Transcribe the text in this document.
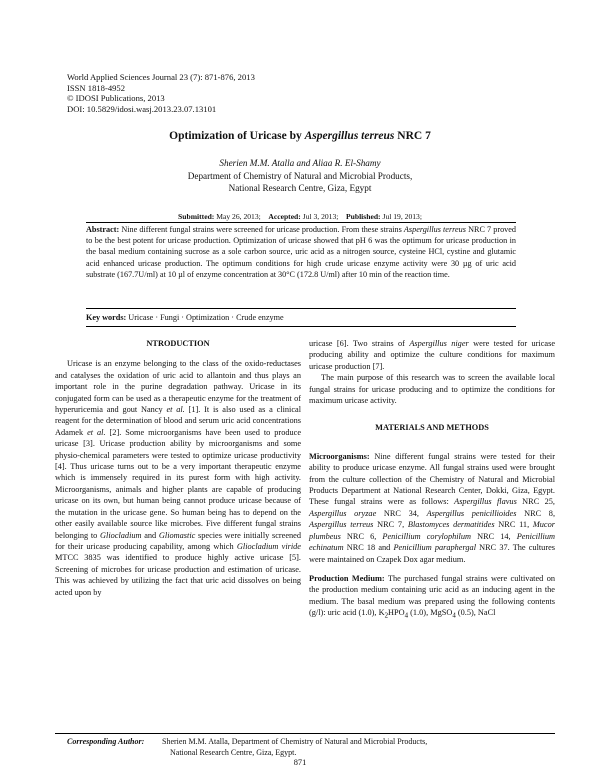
World Applied Sciences Journal 23 (7): 871-876, 2013
ISSN 1818-4952
© IDOSI Publications, 2013
DOI: 10.5829/idosi.wasj.2013.23.07.13101
Optimization of Uricase by Aspergillus terreus NRC 7
Sherien M.M. Atalla and Aliaa R. El-Shamy
Department of Chemistry of Natural and Microbial Products,
National Research Centre, Giza, Egypt
Submitted: May 26, 2013; Accepted: Jul 3, 2013; Published: Jul 19, 2013;
Abstract: Nine different fungal strains were screened for uricase production. From these strains Aspergillus terreus NRC 7 proved to be the best potent for uricase production. Optimization of uricase showed that pH 6 was the optimum for uricase production in the basal medium containing sucrose as a sole carbon source, uric acid as a nitrogen source, cysteine HCl, cystine and glutamic acid enhanced uricase production. The optimum conditions for high crude uricase enzyme activity were 30 µg of uric acid substrate (167.7U/ml) at 10 µl of enzyme concentration at 30°C (172.8 U/ml) after 10 min of the reaction time.
Key words: Uricase · Fungi · Optimization · Crude enzyme
NTRODUCTION

Uricase is an enzyme belonging to the class of the oxido-reductases and catalyses the oxidation of uric acid to allantoin and thus plays an important role in the purine degradation pathway. Uricase in its conjugated form can be used as a therapeutic enzyme for the treatment of hyperuricemia and gout Nancy et al. [1]. It is also used as a clinical reagent for the determination of blood and serum uric acid concentrations Adamek et al. [2]. Some microorganisms have been used to produce uricase [3]. Uricase production ability by microorganisms and some physio-chemical parameters were tested to optimize uricase productivity [4]. Thus uricase turns out to be a very important therapeutic enzyme which is immensely required in its purest form with high activity. Microorganisms, animals and higher plants are capable of producing uricase on its own, but human being cannot produce uricase because of the mutation in the uricase gene. So human being has to depend on the other easily available source like microbes. Five different fungal strains belonging to Gliocladium and Gliomastic species were initially screened for their uricase producing capability, among which Gliocladium viride MTCC 3835 was identified to produce highly active uricase [5]. Screening of microbes for uricase production and estimation of uricase. This was achieved by utilizing the fact that uric acid dissolves on being acted upon by

uricase [6]. Two strains of Aspergillus niger were tested for uricase producing ability and optimize the culture conditions for maximum uricase production [7].

The main purpose of this research was to screen the available local fungal strains for uricase producing and to optimize the conditions for maximum uricase activity.

MATERIALS AND METHODS

Microorganisms: Nine different fungal strains were tested for their ability to produce uricase enzyme. All fungal strains used were brought from the culture collection of the Chemistry of Natural and Microbial Products Department at National Research Center, Dokki, Giza, Egypt. These fungal strains were as follows: Aspergillus flavus NRC 25, Aspergillus oryzae NRC 34, Aspergillus penicillioides NRC 8, Aspergillus terreus NRC 7, Blastomyces dermatitides NRC 11, Mucor plumbeus NRC 6, Penicillium corylophilum NRC 14, Penicillium echinatum NRC 18 and Penicillium paraphergal NRC 37. The cultures were maintained on Czapek Dox agar medium.

Production Medium: The purchased fungal strains were cultivated on the production medium containing uric acid as an inducing agent in the medium. The basal medium was prepared using the following contents (g/l): uric acid (1.0), $K_2HPO_4$ (1.0), MgSO$_4$ (0.5), NaCl

Corresponding Author: Sherien M.M. Atalla, Department of Chemistry of Natural and Microbial Products,
National Research Centre, Giza, Egypt.
871
